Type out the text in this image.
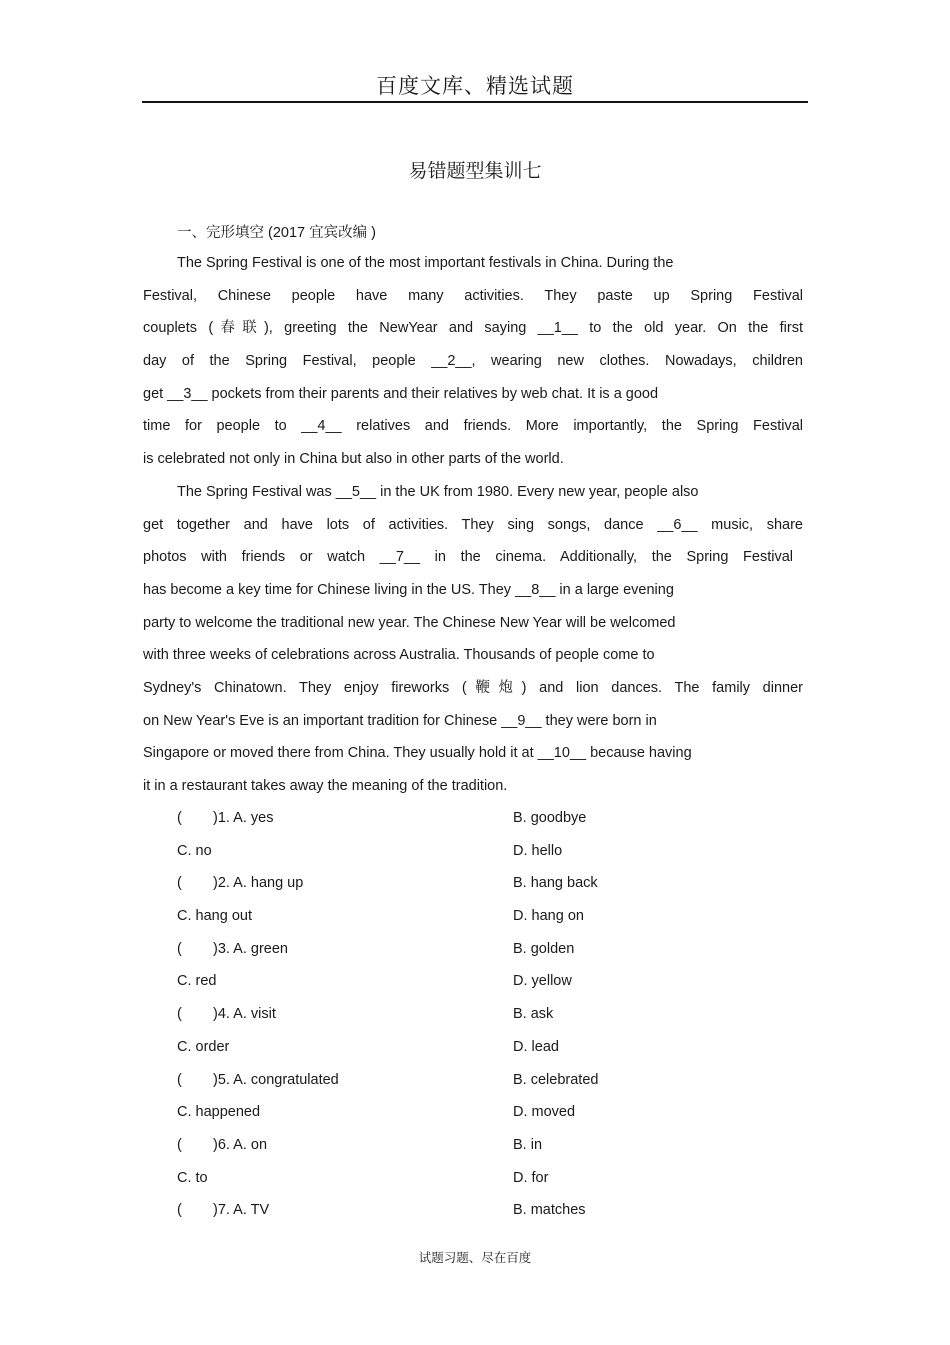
百度文库、精选试题
易错题型集训七
一、完形填空 (2017 宜宾改编 )
The Spring Festival is one of the most important festivals in China. During the
Festival, Chinese people have many activities. They paste up Spring Festival
couplets (春联), greeting the NewYear and saying __1__ to the old year. On the first
day of the Spring Festival, people __2__, wearing new clothes. Nowadays, children
get __3__ pockets from their parents and their relatives by web chat. It is a good
time for people to __4__ relatives and friends. More importantly, the Spring Festival
is celebrated not only in China but also in other parts of the world.
The Spring Festival was __5__ in the UK from 1980. Every new year, people also
get together and have lots of activities. They sing songs, dance __6__ music, share
photos with friends or watch __7__ in the cinema. Additionally, the Spring Festival
has become a key time for Chinese living in the US. They __8__ in a large evening
party to welcome the traditional new year. The Chinese New Year will be welcomed
with three weeks of celebrations across Australia. Thousands of people come to
Sydney's Chinatown. They enjoy fireworks (鞭炮) and lion dances. The family dinner
on New Year's Eve is an important tradition for Chinese __9__ they were born in
Singapore or moved there from China. They usually hold it at __10__ because having
it in a restaurant takes away the meaning of the tradition.
( )1. A. yes	B. goodbye
C. no	D. hello
( )2. A. hang up	B. hang back
C. hang out	D. hang on
( )3. A. green	B. golden
C. red	D. yellow
( )4. A. visit	B. ask
C. order	D. lead
( )5. A. congratulated	B. celebrated
C. happened	D. moved
( )6. A. on	B. in
C. to	D. for
( )7. A. TV	B. matches
试题习题、尽在百度
